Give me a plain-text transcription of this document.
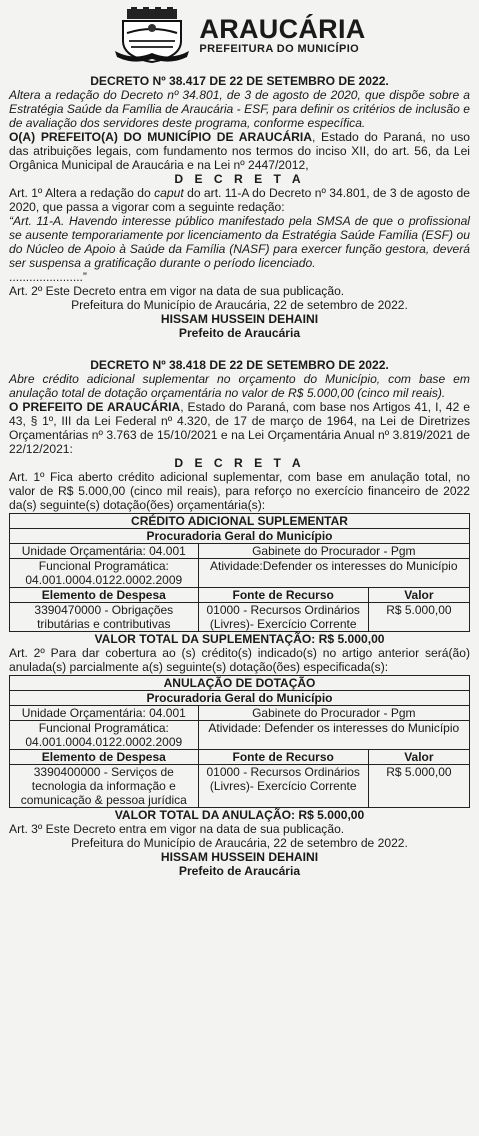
ARAUCÁRIA
PREFEITURA DO MUNICÍPIO
DECRETO Nº 38.417 DE 22 DE SETEMBRO DE 2022.
Altera a redação do Decreto nº 34.801, de 3 de agosto de 2020, que dispõe sobre a Estratégia Saúde da Família de Araucária - ESF, para definir os critérios de inclusão e de avaliação dos servidores deste programa, conforme específica.
O(A) PREFEITO(A) DO MUNICÍPIO DE ARAUCÁRIA, Estado do Paraná, no uso das atribuições legais, com fundamento nos termos do inciso XII, do art. 56, da Lei Orgânica Municipal de Araucária e na Lei nº 2447/2012,
D E C R E T A
Art. 1º Altera a redação do caput do art. 11-A do Decreto nº 34.801, de 3 de agosto de 2020, que passa a vigorar com a seguinte redação:
“Art. 11-A. Havendo interesse público manifestado pela SMSA de que o profissional se ausente temporariamente por licenciamento da Estratégia Saúde Família (ESF) ou do Núcleo de Apoio à Saúde da Família (NASF) para exercer função gestora, deverá ser suspensa a gratificação durante o período licenciado.
......................”
Art. 2º Este Decreto entra em vigor na data de sua publicação.
Prefeitura do Município de Araucária, 22 de setembro de 2022.
HISSAM HUSSEIN DEHAINI
Prefeito de Araucária
DECRETO Nº 38.418 DE 22 DE SETEMBRO DE 2022.
Abre crédito adicional suplementar no orçamento do Município, com base em anulação total de dotação orçamentária no valor de R$ 5.000,00 (cinco mil reais).
O PREFEITO DE ARAUCÁRIA, Estado do Paraná, com base nos Artigos 41, I, 42 e 43, § 1º, III da Lei Federal nº 4.320, de 17 de março de 1964, na Lei de Diretrizes Orçamentárias nº 3.763 de 15/10/2021 e na Lei Orçamentária Anual nº 3.819/2021 de 22/12/2021:
D E C R E T A
Art. 1º Fica aberto crédito adicional suplementar, com base em anulação total, no valor de R$ 5.000,00 (cinco mil reais), para reforço no exercício financeiro de 2022 da(s) seguinte(s) dotação(ões) orçamentária(s):
CRÉDITO ADICIONAL SUPLEMENTAR		
Procuradoria Geral do Município		
Unidade Orçamentária: 04.001	Gabinete do Procurador - Pgm	
Funcional Programática: 04.001.0004.0122.0002.2009	Atividade:Defender os interesses do Município	
Elemento de Despesa	Fonte de Recurso	Valor
3390470000 - Obrigações tributárias e contributivas	01000 - Recursos Ordinários (Livres)- Exercício Corrente	R$ 5.000,00
VALOR TOTAL DA SUPLEMENTAÇÃO: R$ 5.000,00
Art. 2º Para dar cobertura ao (s) crédito(s) indicado(s) no artigo anterior será(ão) anulada(s) parcialmente a(s) seguinte(s) dotação(ões) especificada(s):
ANULAÇÃO DE DOTAÇÃO		
Procuradoria Geral do Município		
Unidade Orçamentária: 04.001	Gabinete do Procurador - Pgm	
Funcional Programática: 04.001.0004.0122.0002.2009	Atividade: Defender os interesses do Município	
Elemento de Despesa	Fonte de Recurso	Valor
3390400000 - Serviços de tecnologia da informação e comunicação & pessoa jurídica	01000 - Recursos Ordinários (Livres)- Exercício Corrente	R$ 5.000,00
VALOR TOTAL DA ANULAÇÃO: R$ 5.000,00
Art. 3º Este Decreto entra em vigor na data de sua publicação.
Prefeitura do Município de Araucária, 22 de setembro de 2022.
HISSAM HUSSEIN DEHAINI
Prefeito de Araucária
